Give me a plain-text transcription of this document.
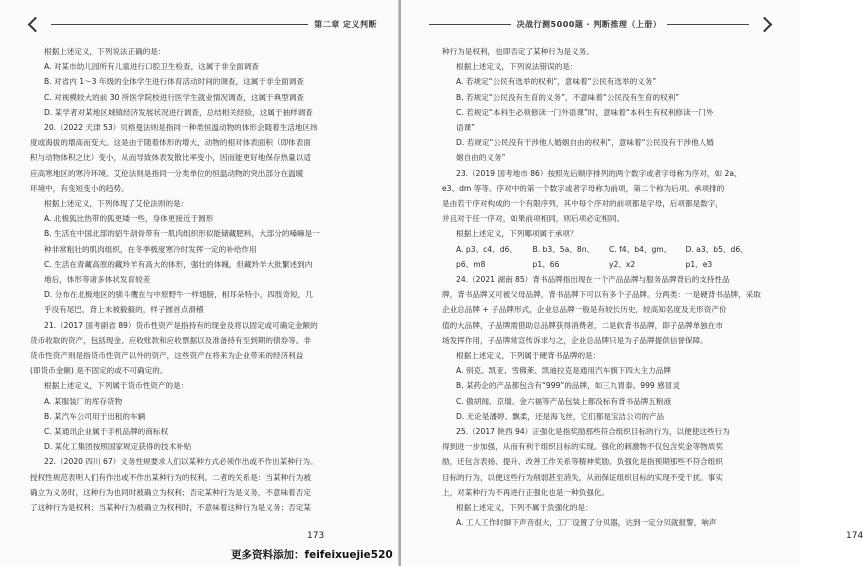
第二章 定义判断

根据上述定义，下列说法正确的是：

A. 对某市幼儿园所有儿童进行口腔卫生检查，这属于非全面调查

B. 对省内 1～3 年级的全体学生进行体育活动时间的调查，这属于非全面调查

C. 对视模较大的前 30 所医学院校进行医学生就业情况调查，这属于典型调查

D. 某学者对某地区城镇经济发展状况进行调查，总结相关经验，这属于抽样调查

20.（2022 天津 53）贝格曼法则是指同一种类恒温动物的体形会随着生活地区纬

度或海拔的增高而变大。这是由于随着体形的增大，动物的相对体表面积（即体表面

积与动物体积之比）变小，从而导致体表发散比率变小，因而能更好地保存热量以适

应高寒地区的寒冷环境。艾伦法则是指同一分类单位的恒温动物的突出部分在温暖

环境中，有变短变小的趋势。

根据上述定义，下列体现了艾伦法则的是：

A. 北极狐比热带的狐更矮一些，身体更接近于圆形

B. 生活在中国北部的貂牛刮骨带有一肌肉组织形似能储藏肥料，大部分的嗓嘛是一

种非常粗壮的肌肉组织，在冬季极度寒冷时发挥一定的补给作用

C. 生活在青藏高原的藏羚羊有高大的体形，强壮的体魄，但藏羚羊大批繁述到内

地后，体形等诸多体状发育较差

D. 分布在北极地区的驯斗鹰在与中原野牛一样翅膀，相耳朵特小，四肢奇短，几

乎没有尾巴，背上未被毅毅的，样子圆首点滑稽

21.（2017 国考副省 89）货币性资产是指持有的现金及将以固定或可确定金额的

货币收取的资产，包括现金、应收账款和应收票据以及准备持有至到期的债券等。非

货币性资产则是指货币性资产以外的资产，这些资产在将来为企业带来的经济利益

(即货币金额) 是不固定的或不可确定的。

根据上述定义，下列属于货币性资产的是：

A. 某服装厂的库存货物

B. 某汽车公司用于出租的车辆

C. 某通讯企业属于手机品牌的商标权

D. 某化工集团按照国家规定获得的技术补贴

22.（2020 四川 67）义务性规要求人们以某种方式必须作出或不作出某种行为。

授权性规范表明人们有作出或不作出某种行为的权利。二者的关系是：当某种行为被

确立为义务时，这种行为也同时被确立为权利；否定某种行为是义务，不意味着否定

了这种行为是权利；当某种行为被确立为权利时，不意味着这种行为是义务；否定某

173
决战行测5000题 · 判断推理（上册）
174

种行为是权利，也即否定了某种行为是义务。

根据上述定义，下列说法错误的是：

A. 若规定“公民有选举的权利”，意味着“公民有选举的义务”

B. 若规定“公民没有生育的义务”，不意味着“公民没有生育的权利”

C. 若规定“本科生必须修读一门外语课”时，意味着“本科生有权利修读一门外

语课”

D. 若规定“公民没有干涉他人婚姻自由的权利”，意味着“公民没有干涉他人婚

姻自由的义务”

23.（2019 国考地市 86）按照先后顺序排列的两个数字或者字母称为序对，如 2a、

e3、dm 等等。序对中的第一个数字或者字母称为前项，第二个称为后项。承项排的

是由若干序对构成的一个有限序列，其中每个序对的前项都是字母，后项都是数字，

并且对于任一序对，如果前项相同，则后项必定相同。

根据上述定义，下列哪项属于承项？

A. p3、c4、d6、p6、m8
B. b3、5a、8n、p1、66
C. f4、b4、gm、y2、x2
D. a3、b5、d6、p1、e3

24.（2021 湖南 85）背书品牌指出现在一个产品品牌与服务品牌背后的支持性品

牌，背书品牌又可被父母品牌，背书品牌下可以有多个子品牌。分两类：一是硬背书品牌，采取

企业总品牌 + 子品牌形式，企业总品牌一般是有较长历史，较高知名度及无形资产价

值的大品牌，子品牌需借助总品牌获得消费者，二是软背书品牌，即子品牌单独在市

场发挥作用，子品牌常宣传诉求与之，企业总品牌只是为子品牌提供信誉保障。

根据上述定义，下列属于硬背书品牌的是：

A. 别克、凯亚、雪佛莱、凯迪拉克是通用汽车旗下四大主力品牌

B. 某药企的产品都包含有“999”的品牌，如三九胃泰、999 感冒灵

C. 傲胡闻、京瑞、金六福等产品包装上都没标有背书品牌五粮液

D. 无论是潘婷、飘柔，还是海飞丝，它们都是宝洁公司的产品

25.（2017 陕西 94）正强化是指奖励那些符合组织目标的行为，以便使这些行为

得到进一步加强，从而有利于组织目标的实现。强化的刺激物不仅包含奖金等物质奖

励，还包含表扬、提升、改善工作关系等精神奖励。负强化是指预期那些不符合组织

目标的行为，以便这些行为削弱甚至消失，从而保证组织目标的实现不受干扰。事实

上，对某种行为不再进行正强化也是一种负强化。

根据上述定义，下列不属于负强化的是：

A. 工人工作时脚下声音很大，工厂设置了分贝器，达到一定分贝就报警，响声

更多资料添加：feifeixuejie520
